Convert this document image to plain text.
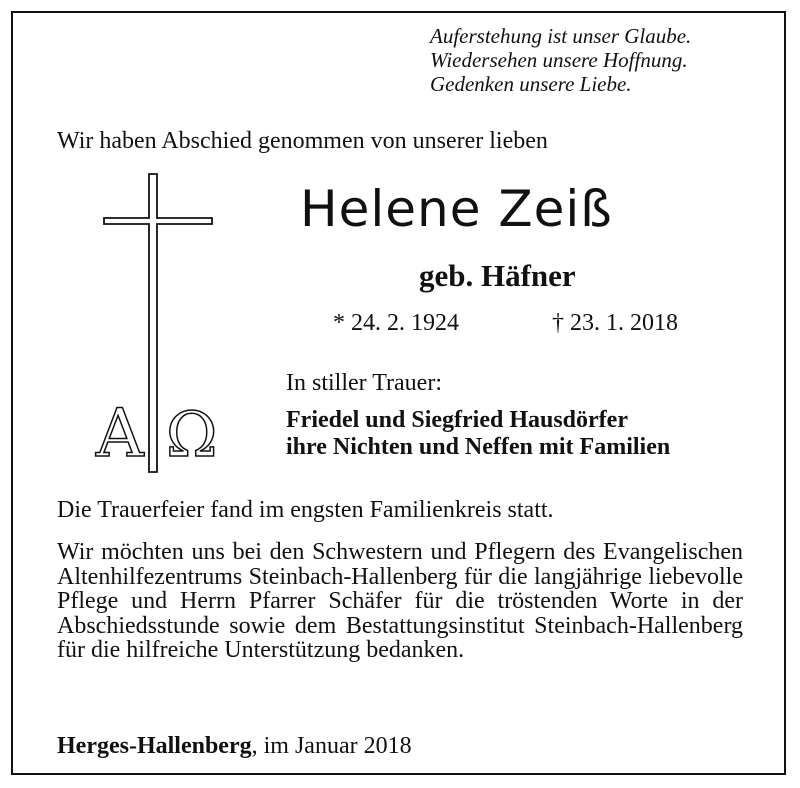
Auferstehung ist unser Glaube.
Wiedersehen unsere Hoffnung.
Gedenken unsere Liebe.
Wir haben Abschied genommen von unserer lieben
A Ω
Helene Zeiß
geb. Häfner
* 24. 2. 1924	† 23. 1. 2018
In stiller Trauer:
Friedel und Siegfried Hausdörfer
ihre Nichten und Neffen mit Familien
Die Trauerfeier fand im engsten Familienkreis statt.
Wir möchten uns bei den Schwestern und Pflegern des Evangelischen Altenhilfezentrums Steinbach-Hallenberg für die langjährige liebevolle Pflege und Herrn Pfarrer Schäfer für die tröstenden Worte in der Abschiedsstunde sowie dem Bestattungsinstitut Steinbach-Hallenberg für die hilfreiche Unterstützung bedanken.
Herges-Hallenberg, im Januar 2018
